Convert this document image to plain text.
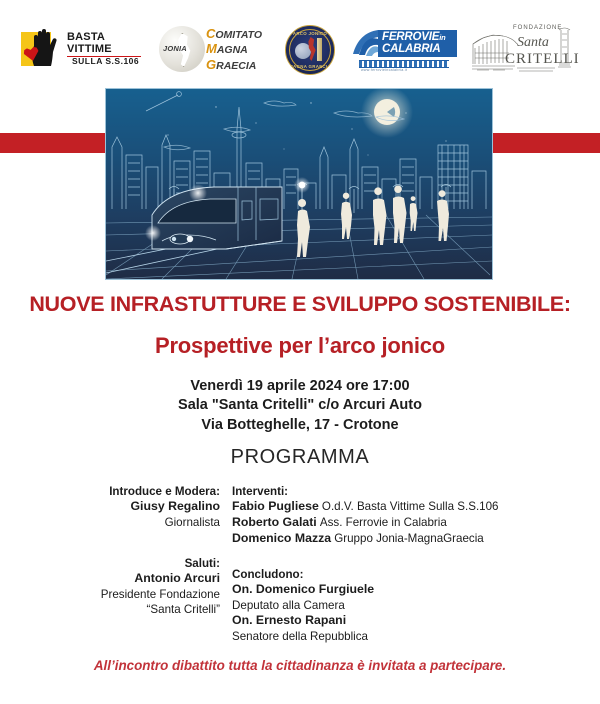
BASTA VITTIME
SULLA S.S.106
JONIA
COMITATO
MAGNA
GRAECIA
ARCO JONICO
MAGNA GRAECIA
FERROVIEin
CALABRIA
www.ferrovieincalabria.it
FONDAZIONE
Santa
CRITELLI
NUOVE INFRASTUTTURE E SVILUPPO SOSTENIBILE:
Prospettive per l’arco jonico
Venerdì 19 aprile 2024 ore 17:00
Sala "Santa Critelli" c/o Arcuri Auto
Via Botteghelle, 17 - Crotone
PROGRAMMA
Introduce e Modera:
Giusy Regalino
Giornalista
Saluti:
Antonio Arcuri
Presidente Fondazione
“Santa Critelli”
Interventi:
Fabio Pugliese O.d.V. Basta Vittime Sulla S.S.106
Roberto Galati Ass. Ferrovie in Calabria
Domenico Mazza Gruppo Jonia-MagnaGraecia
Concludono:
On. Domenico Furgiuele
Deputato alla Camera
On. Ernesto Rapani
Senatore della Repubblica
All’incontro dibattito tutta la cittadinanza è invitata a partecipare.
